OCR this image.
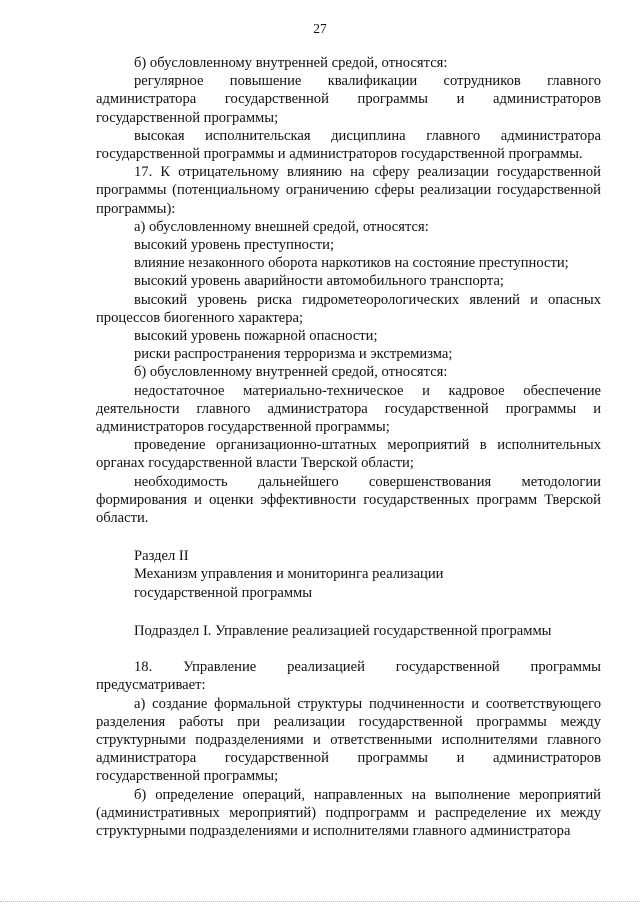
27

б) обусловленному внутренней средой, относятся:

регулярное повышение квалификации сотрудников главного администратора государственной программы и администраторов государственной программы;

высокая исполнительская дисциплина главного администратора государственной программы и администраторов государственной программы.

17. К отрицательному влиянию на сферу реализации государственной программы (потенциальному ограничению сферы реализации государственной программы):

а) обусловленному внешней средой, относятся:

высокий уровень преступности;

влияние незаконного оборота наркотиков на состояние преступности;

высокий уровень аварийности автомобильного транспорта;

высокий уровень риска гидрометеорологических явлений и опасных процессов биогенного характера;

высокий уровень пожарной опасности;

риски распространения терроризма и экстремизма;

б) обусловленному внутренней средой, относятся:

недостаточное материально-техническое и кадровое обеспечение деятельности главного администратора государственной программы и администраторов государственной программы;

проведение организационно-штатных мероприятий в исполнительных органах государственной власти Тверской области;

необходимость дальнейшего совершенствования методологии формирования и оценки эффективности государственных программ Тверской области.

Раздел II

Механизм управления и мониторинга реализации

государственной программы

Подраздел I. Управление реализацией государственной программы

18. Управление реализацией государственной программы предусматривает:

а) создание формальной структуры подчиненности и соответствующего разделения работы при реализации государственной программы между структурными подразделениями и ответственными исполнителями главного администратора государственной программы и администраторов государственной программы;

б) определение операций, направленных на выполнение мероприятий (административных мероприятий) подпрограмм и распределение их между структурными подразделениями и исполнителями главного администратора
